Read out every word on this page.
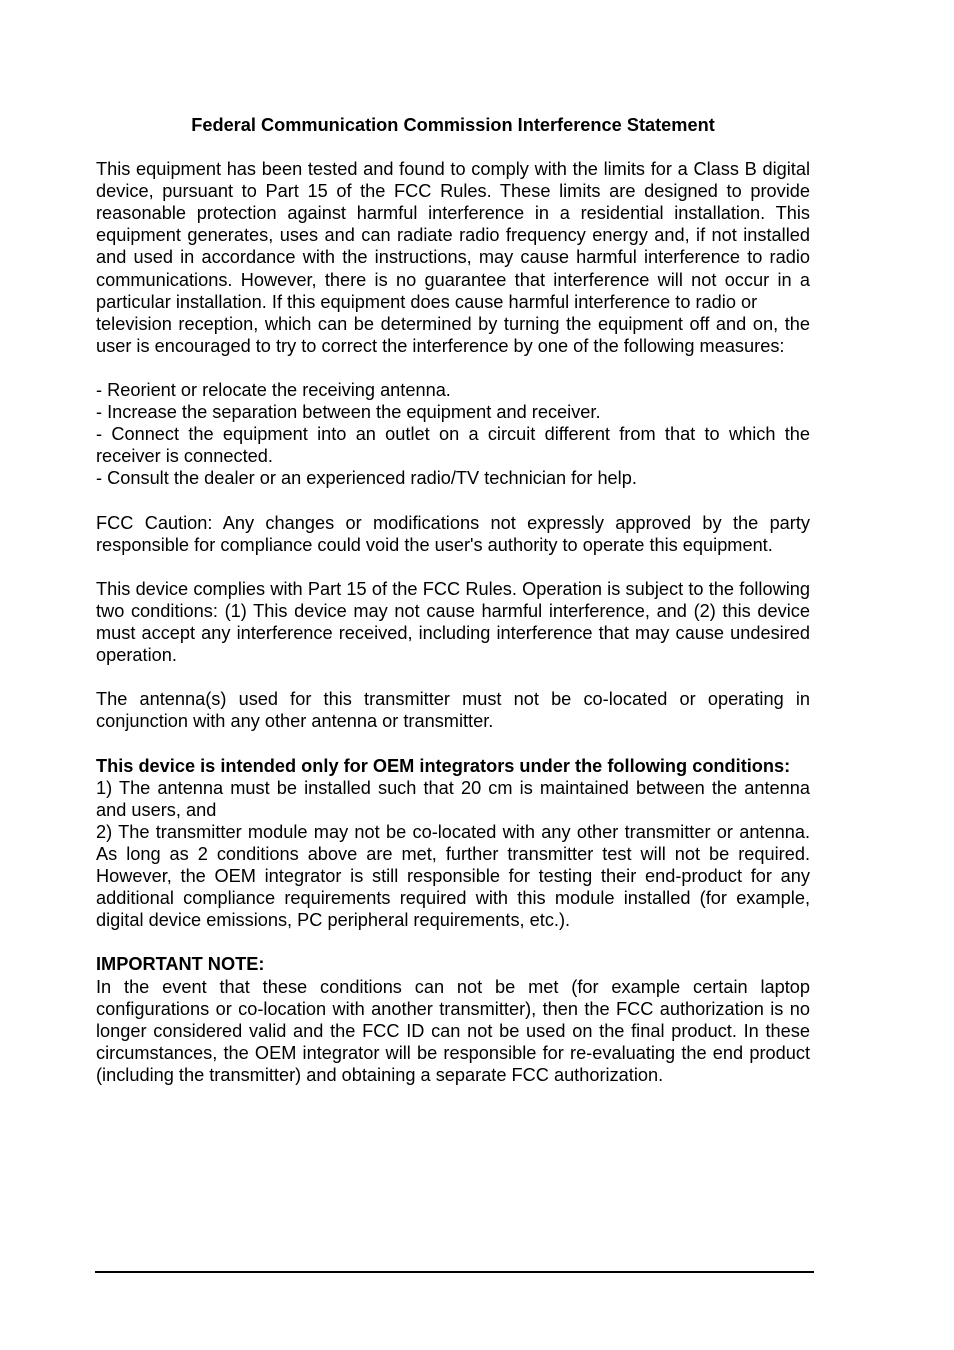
Federal Communication Commission Interference Statement

This equipment has been tested and found to comply with the limits for a Class B digital device, pursuant to Part 15 of the FCC Rules. These limits are designed to provide reasonable protection against harmful interference in a residential installation. This equipment generates, uses and can radiate radio frequency energy and, if not installed and used in accordance with the instructions, may cause harmful interference to radio communications. However, there is no guarantee that interference will not occur in a particular installation. If this equipment does cause harmful interference to radio or

television reception, which can be determined by turning the equipment off and on, the user is encouraged to try to correct the interference by one of the following measures:

- Reorient or relocate the receiving antenna.

- Increase the separation between the equipment and receiver.

- Connect the equipment into an outlet on a circuit different from that to which the receiver is connected.

- Consult the dealer or an experienced radio/TV technician for help.

FCC Caution: Any changes or modifications not expressly approved by the party responsible for compliance could void the user's authority to operate this equipment.

This device complies with Part 15 of the FCC Rules. Operation is subject to the following two conditions: (1) This device may not cause harmful interference, and (2) this device must accept any interference received, including interference that may cause undesired operation.

The antenna(s) used for this transmitter must not be co-located or operating in conjunction with any other antenna or transmitter.

This device is intended only for OEM integrators under the following conditions:

1) The antenna must be installed such that 20 cm is maintained between the antenna and users, and

2) The transmitter module may not be co-located with any other transmitter or antenna. As long as 2 conditions above are met, further transmitter test will not be required. However, the OEM integrator is still responsible for testing their end-product for any additional compliance requirements required with this module installed (for example, digital device emissions, PC peripheral requirements, etc.).

IMPORTANT NOTE:

In the event that these conditions can not be met (for example certain laptop configurations or co-location with another transmitter), then the FCC authorization is no longer considered valid and the FCC ID can not be used on the final product. In these circumstances, the OEM integrator will be responsible for re-evaluating the end product (including the transmitter) and obtaining a separate FCC authorization.
